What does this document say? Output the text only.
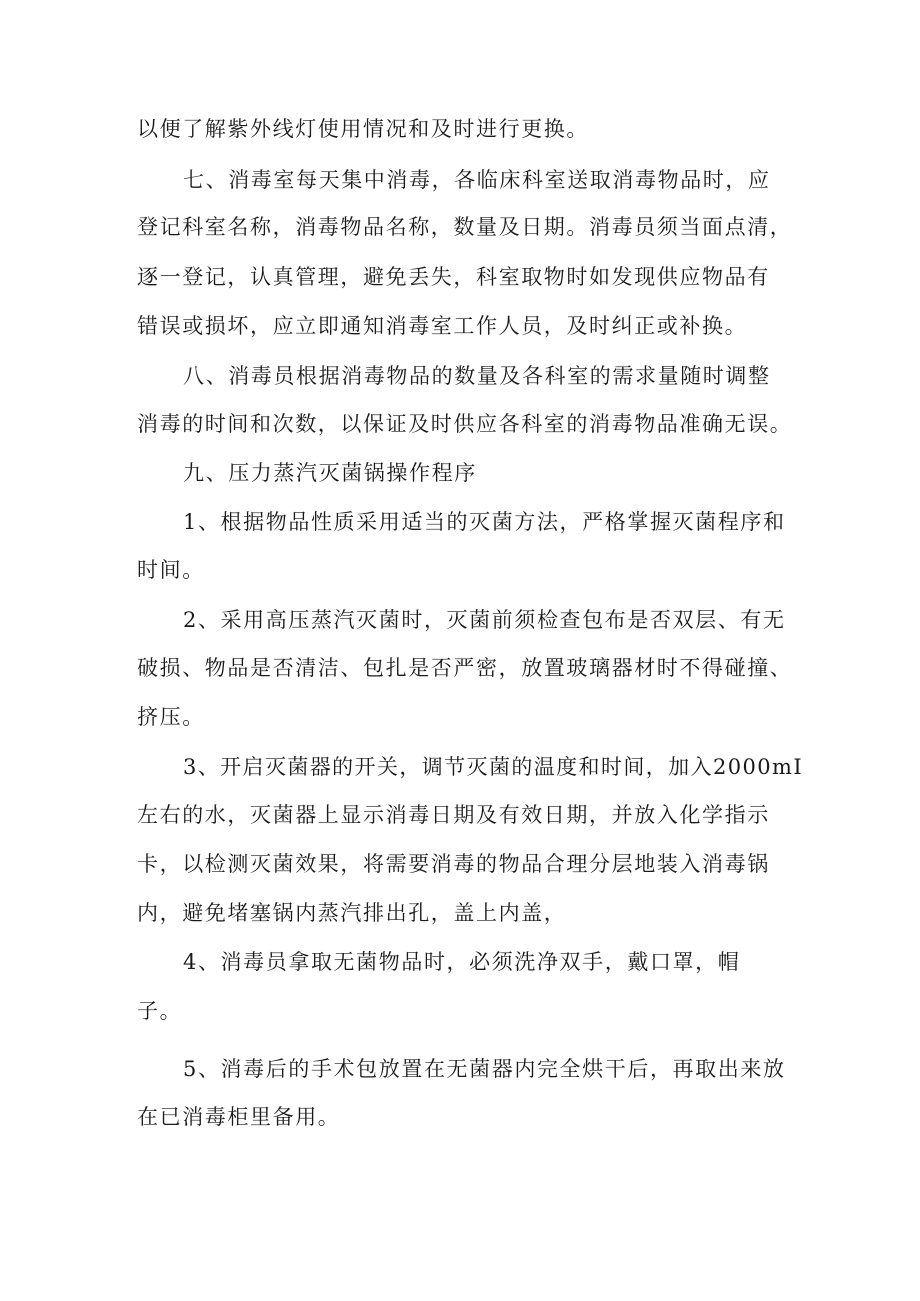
以便了解紫外线灯使用情况和及时进行更换。
七、消毒室每天集中消毒，各临床科室送取消毒物品时，应
登记科室名称，消毒物品名称，数量及日期。消毒员须当面点清，
逐一登记，认真管理，避免丢失，科室取物时如发现供应物品有
错误或损坏，应立即通知消毒室工作人员，及时纠正或补换。
八、消毒员根据消毒物品的数量及各科室的需求量随时调整
消毒的时间和次数，以保证及时供应各科室的消毒物品准确无误。
九、压力蒸汽灭菌锅操作程序
1、根据物品性质采用适当的灭菌方法，严格掌握灭菌程序和
时间。
2、采用高压蒸汽灭菌时，灭菌前须检查包布是否双层、有无
破损、物品是否清洁、包扎是否严密，放置玻璃器材时不得碰撞、
挤压。
3、开启灭菌器的开关，调节灭菌的温度和时间，加入2000mI
左右的水，灭菌器上显示消毒日期及有效日期，并放入化学指示
卡，以检测灭菌效果，将需要消毒的物品合理分层地装入消毒锅
内，避免堵塞锅内蒸汽排出孔，盖上内盖，
4、消毒员拿取无菌物品时，必须洗净双手，戴口罩，帽
子。
5、消毒后的手术包放置在无菌器内完全烘干后，再取出来放
在已消毒柜里备用。
